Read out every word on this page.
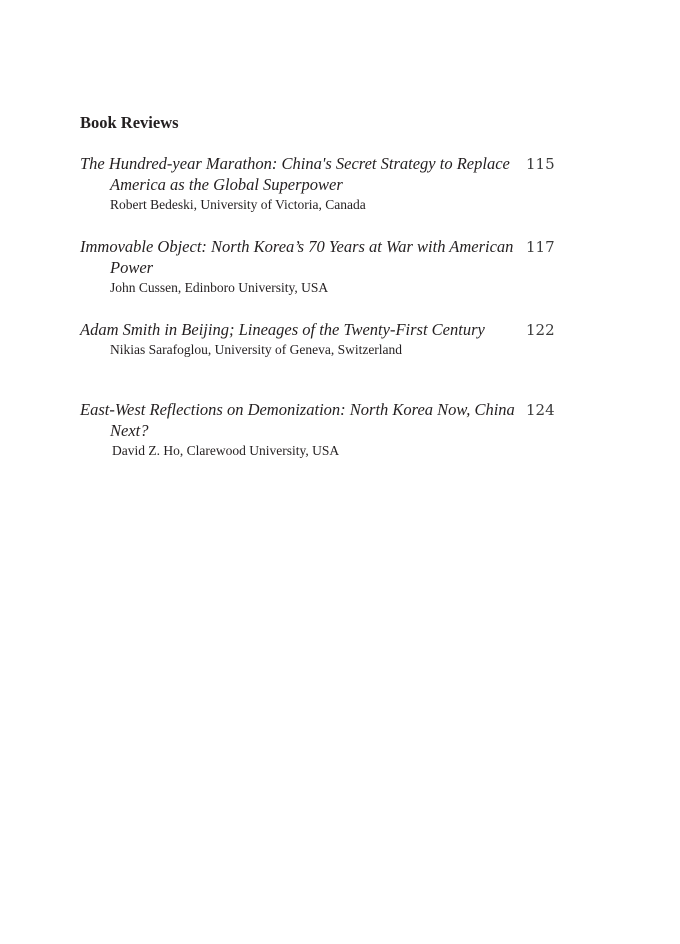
Book Reviews

The Hundred-year Marathon: China's Secret Strategy to Replace America as the Global Superpower

Robert Bedeski, University of Victoria, Canada
115

Immovable Object: North Korea’s 70 Years at War with American Power

John Cussen, Edinboro University, USA
117

Adam Smith in Beijing; Lineages of the Twenty-First Century

Nikias Sarafoglou, University of Geneva, Switzerland
122

East-West Reflections on Demonization: North Korea Now, China Next?

David Z. Ho, Clarewood University, USA
124
